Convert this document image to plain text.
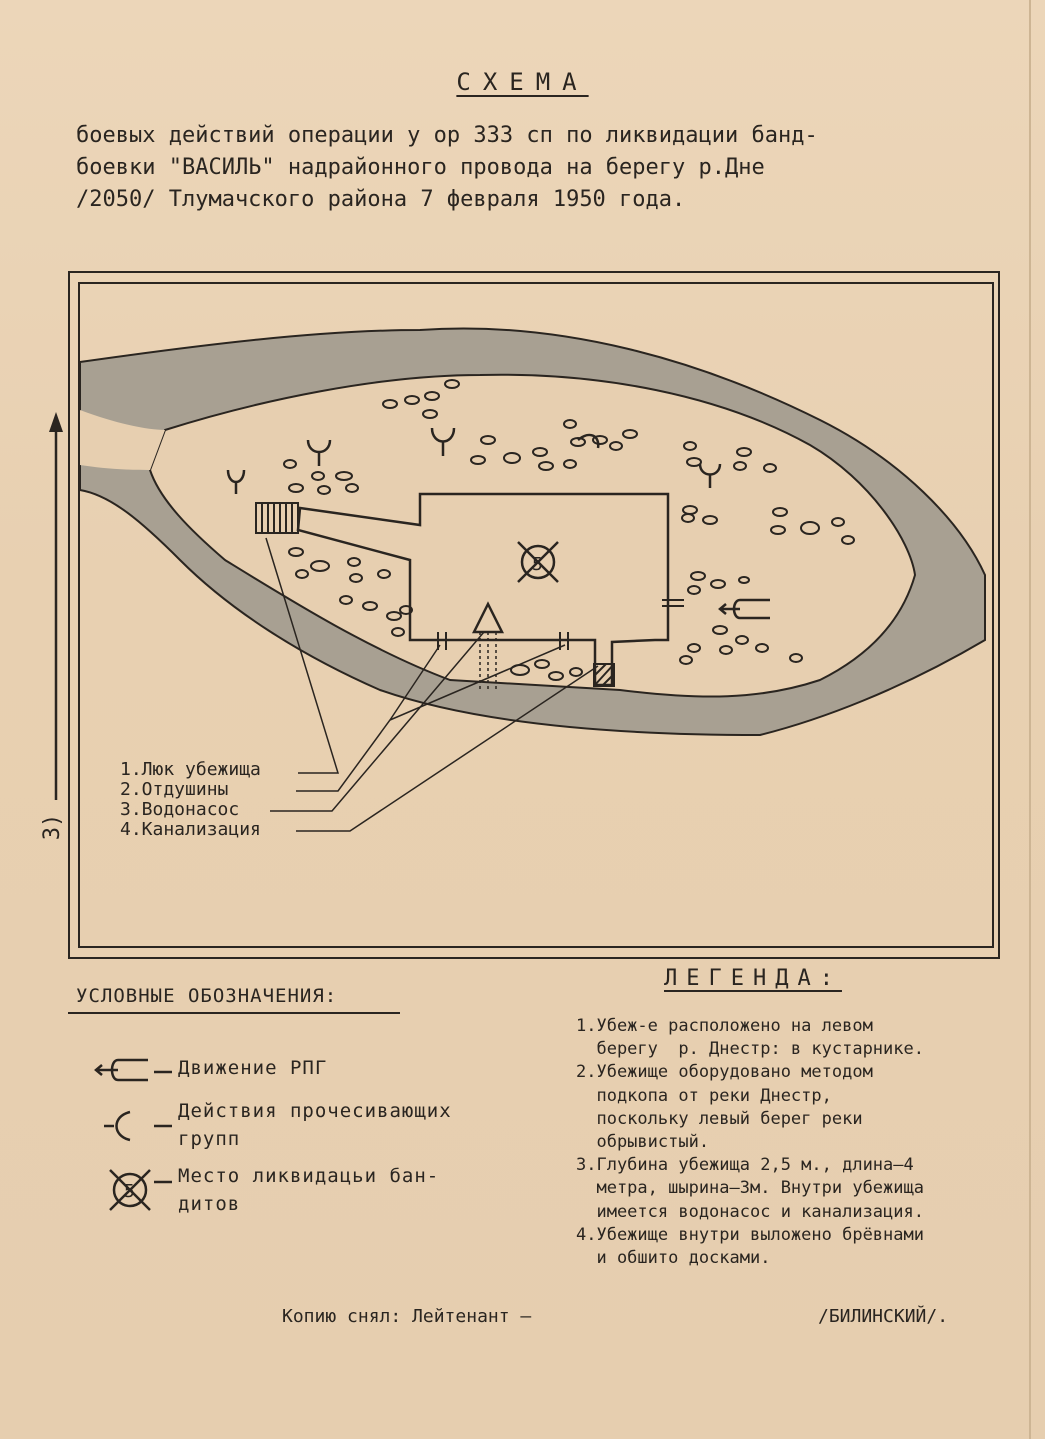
СХЕМА
боевых действий операции у ор 333 сп по ликвидации банд-
боевки "ВАСИЛЬ" надрайонного провода на берегу р.Дне
/2050/ Тлумачского района 7 февраля 1950 года.
5
З)
1.Люк убежища
2.Отдушины
3.Водонасос
4.Канализация
УСЛОВНЫЕ ОБОЗНАЧЕНИЯ:
5
Движение РПГ
Действия прочесивающих
групп
Место ликвидацьи бан-
дитов
ЛЕГЕНДА:
1.Убеж-е расположено на левом
берегу  р. Днестр: в кустарнике.
2.Убежище оборудовано методом
подкопа от реки Днестр,
поскольку левый берег реки
обрывистый.
3.Глубина убежища 2,5 м., длина—4
метра, шырина—3м. Внутри убежища
имеется водонасос и канализация.
4.Убежище внутри выложено брёвнами
и обшито досками.
Копию снял: Лейтенант —	/БИЛИНСКИЙ/.
